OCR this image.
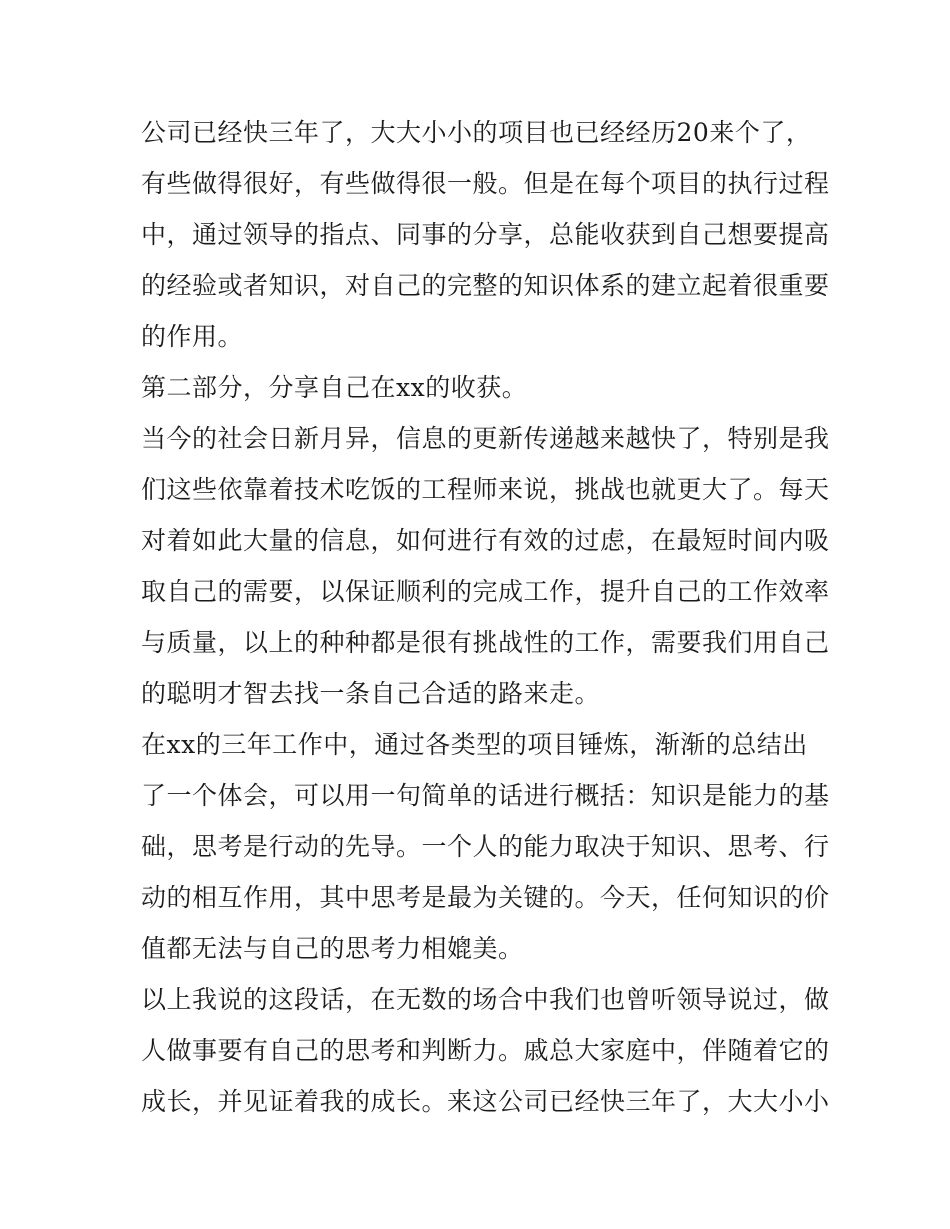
公司已经快三年了，大大小小的项目也已经经历20来个了，
有些做得很好，有些做得很一般。但是在每个项目的执行过程
中，通过领导的指点、同事的分享，总能收获到自己想要提高
的经验或者知识，对自己的完整的知识体系的建立起着很重要
的作用。
第二部分，分享自己在xx的收获。
当今的社会日新月异，信息的更新传递越来越快了，特别是我
们这些依靠着技术吃饭的工程师来说，挑战也就更大了。每天
对着如此大量的信息，如何进行有效的过虑，在最短时间内吸
取自己的需要，以保证顺利的完成工作，提升自己的工作效率
与质量，以上的种种都是很有挑战性的工作，需要我们用自己
的聪明才智去找一条自己合适的路来走。
在xx的三年工作中，通过各类型的项目锤炼，渐渐的总结出
了一个体会，可以用一句简单的话进行概括：知识是能力的基
础，思考是行动的先导。一个人的能力取决于知识、思考、行
动的相互作用，其中思考是最为关键的。今天，任何知识的价
值都无法与自己的思考力相媲美。
以上我说的这段话，在无数的场合中我们也曾听领导说过，做
人做事要有自己的思考和判断力。戚总大家庭中，伴随着它的
成长，并见证着我的成长。来这公司已经快三年了，大大小小
